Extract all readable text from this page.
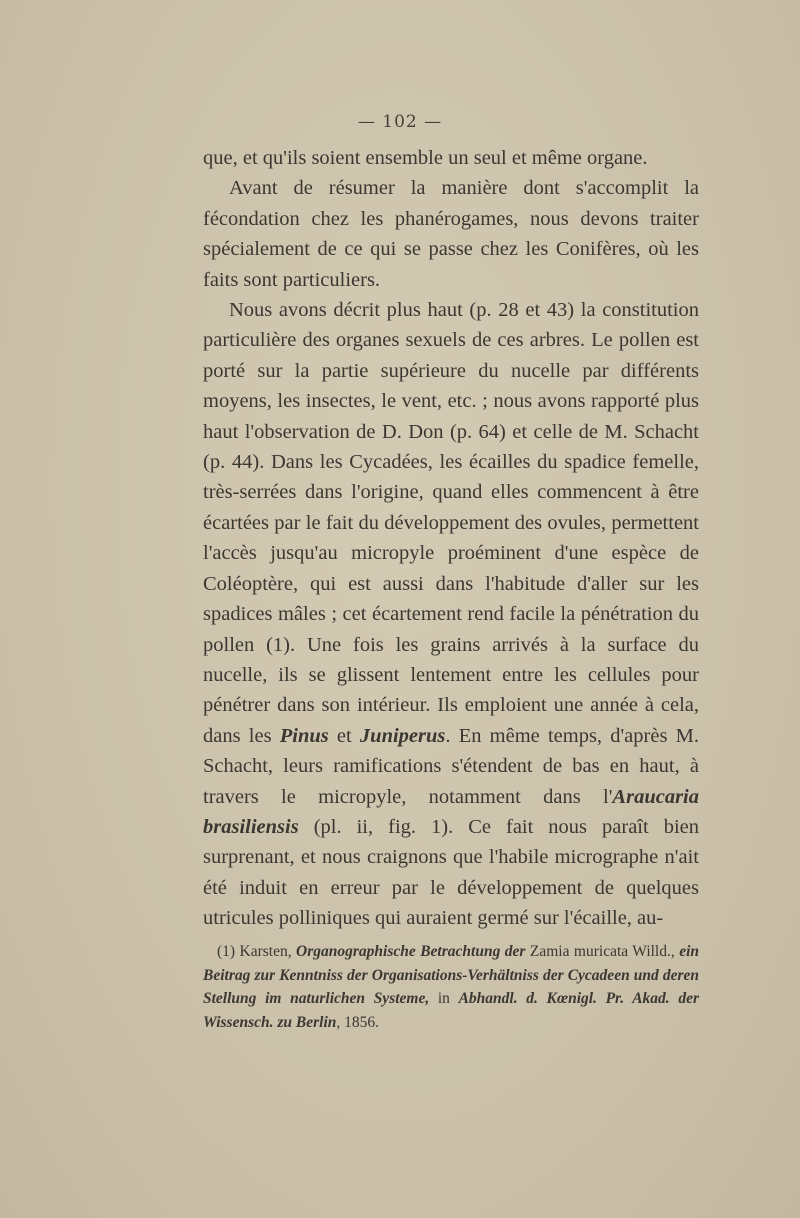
— 102 —

que, et qu'ils soient ensemble un seul et même organe.

Avant de résumer la manière dont s'accomplit la fécondation chez les phanérogames, nous devons traiter spécialement de ce qui se passe chez les Conifères, où les faits sont particuliers.

Nous avons décrit plus haut (p. 28 et 43) la constitution particulière des organes sexuels de ces arbres. Le pollen est porté sur la partie supérieure du nucelle par différents moyens, les insectes, le vent, etc. ; nous avons rapporté plus haut l'observation de D. Don (p. 64) et celle de M. Schacht (p. 44). Dans les Cycadées, les écailles du spadice femelle, très-serrées dans l'origine, quand elles commencent à être écartées par le fait du développement des ovules, permettent l'accès jusqu'au micropyle proéminent d'une espèce de Coléoptère, qui est aussi dans l'habitude d'aller sur les spadices mâles ; cet écartement rend facile la pénétration du pollen (1). Une fois les grains arrivés à la surface du nucelle, ils se glissent lentement entre les cellules pour pénétrer dans son intérieur. Ils emploient une année à cela, dans les Pinus et Juniperus. En même temps, d'après M. Schacht, leurs ramifications s'étendent de bas en haut, à travers le micropyle, notamment dans l'Araucaria brasiliensis (pl. ii, fig. 1). Ce fait nous paraît bien surprenant, et nous craignons que l'habile micrographe n'ait été induit en erreur par le développement de quelques utricules polliniques qui auraient germé sur l'écaille, au-

(1) Karsten, Organographische Betrachtung der Zamia muricata Willd., ein Beitrag zur Kenntniss der Organisations-Verhältniss der Cycadeen und deren Stellung im naturlichen Systeme, in Abhandl. d. Kœnigl. Pr. Akad. der Wissensch. zu Berlin, 1856.
